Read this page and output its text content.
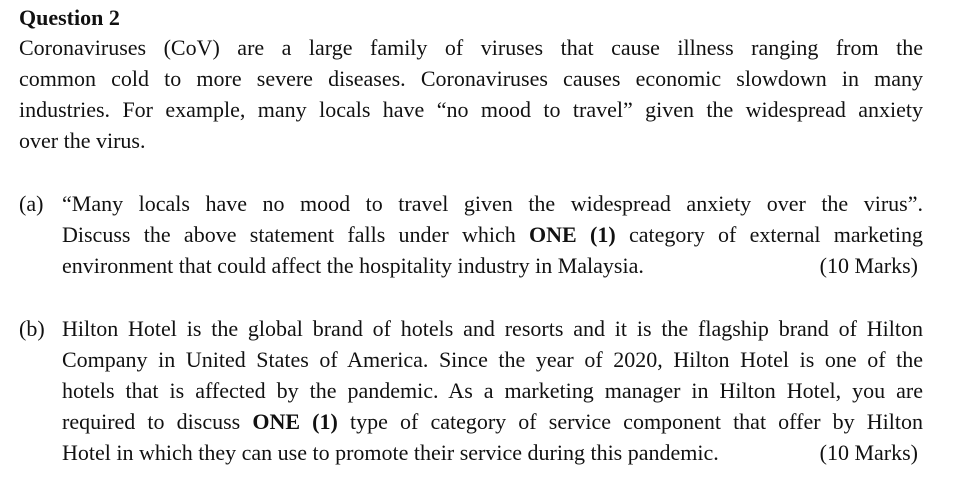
Question 2
Coronaviruses (CoV) are a large family of viruses that cause illness ranging from the
common cold to more severe diseases. Coronaviruses causes economic slowdown in many
industries. For example, many locals have “no mood to travel” given the widespread anxiety
over the virus.
(a) “Many locals have no mood to travel given the widespread anxiety over the virus”.
Discuss the above statement falls under which ONE (1) category of external marketing
environment that could affect the hospitality industry in Malaysia.	(10 Marks)
(b) Hilton Hotel is the global brand of hotels and resorts and it is the flagship brand of Hilton
Company in United States of America. Since the year of 2020, Hilton Hotel is one of the
hotels that is affected by the pandemic. As a marketing manager in Hilton Hotel, you are
required to discuss ONE (1) type of category of service component that offer by Hilton
Hotel in which they can use to promote their service during this pandemic.	(10 Marks)
